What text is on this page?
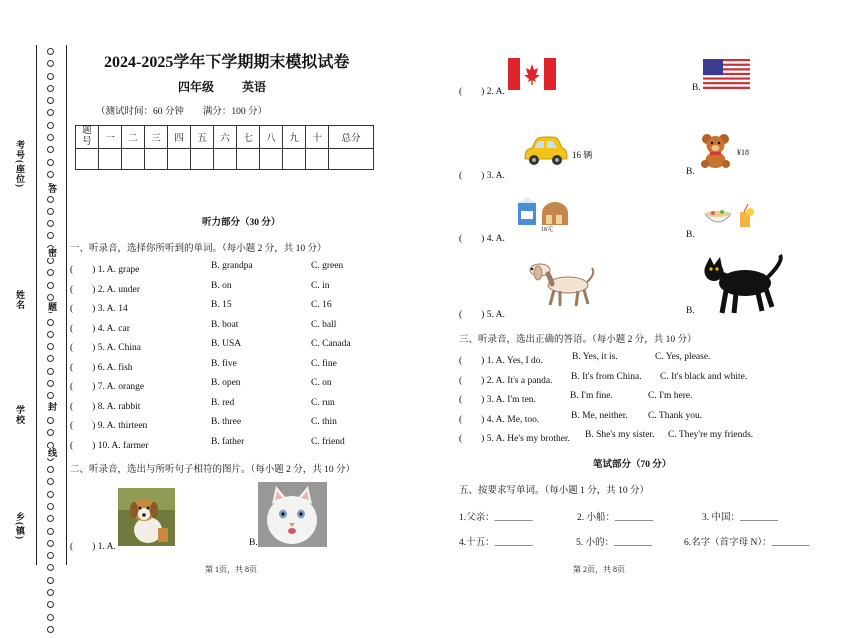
乡(镇)
学校
姓名
考号(座位)
线
封
密
答
题
2024-2025学年下学期期末模拟试卷
四年级 英语
（测试时间：60 分钟　　满分：100 分）
题
号	一	二	三	四	五	六	七	八	九	十	总分

听力部分（30 分）
一、听录音，选择你所听到的单词。（每小题 2 分，共 10 分）
(　　) 1. A. grape	B. grandpa	C. green
(　　) 2. A. under	B. on	C. in
(　　) 3. A. 14	B. 15	C. 16
(　　) 4. A. car	B. boat	C. ball
(　　) 5. A. China	B. USA	C. Canada
(　　) 6. A. fish	B. five	C. fine
(　　) 7. A. orange	B. open	C. on
(　　) 8. A. rabbit	B. red	C. run
(　　) 9. A. thirteen	B. three	C. thin
(　　) 10. A. farmer	B. father	C. friend
二、听录音，选出与所听句子相符的图片。（每小题 2 分，共 10 分）
(　　) 1. A.	B.
第 1页，共 8页
(　　) 2. A.	B.
(　　) 3. A.
16 辆
B.
¥18
(　　) 4. A.
18元	B.
(　　) 5. A.	B.
三、听录音，选出正确的答语。（每小题 2 分，共 10 分）
(　　) 1. A. Yes, I do.	B. Yes, it is.	C. Yes, please.
(　　) 2. A. It's a panda. B. It's from China. C. It's black and white.
(　　) 3. A. I'm ten.	B. I'm fine.	C. I'm here.
(　　) 4. A. Me, too.	B. Me, neither. C. Thank you.
(　　) 5. A. He's my brother. B. She's my sister. C. They're my friends.
笔试部分（70 分）
五、按要求写单词。（每小题 1 分，共 10 分）
1.父亲：________	2. 小船：________	3. 中国：________
4.十五：________	5. 小的：________	6.名字（首字母 N）：________
第 2页，共 8页
